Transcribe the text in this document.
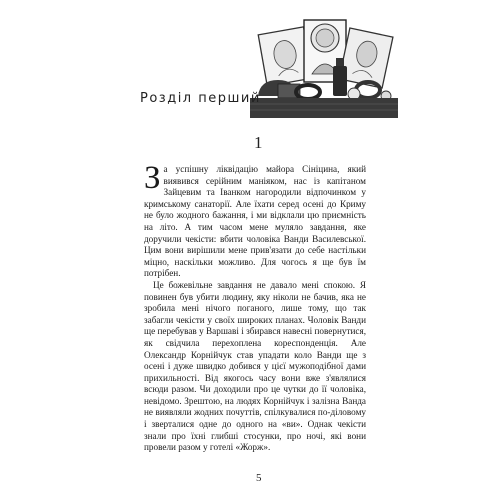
Розділ перший
1

За успішну ліквідацію майора Сініцина, який виявився серійним маніяком, нас із капітаном Зайцевим та Іванком нагородили відпочинком у кримському санаторії. Але їхати серед осені до Криму не було жодного бажання, і ми відклали цю приємність на літо. А тим часом мене муляло завдання, яке доручили чекісти: вбити чоловіка Ванди Василевської. Цим вони вирішили мене прив'язати до себе настільки міцно, наскільки можливо. Для чогось я ще був їм потрібен.

Це божевільне завдання не давало мені спокою. Я повинен був убити людину, яку ніколи не бачив, яка не зробила мені нічого поганого, лише тому, що так забагли чекісти у своїх широких планах. Чоловік Ванди ще перебував у Варшаві і збирався навесні повернутися, як свідчила перехоплена кореспонденція. Але Олександр Корнійчук став упадати коло Ванди ще з осені і дуже швидко добився у цієї мужоподібної дами прихильності. Від якогось часу вони вже з'являлися всюди разом. Чи доходили про це чутки до її чоловіка, невідомо. Зрештою, на людях Корнійчук і залізна Ванда не виявляли жодних почуттів, спілкувалися по-діловому і зверталися одне до одного на «ви». Однак чекісти знали про їхні глибші стосунки, про ночі, які вони провели разом у готелі «Жорж».

5
